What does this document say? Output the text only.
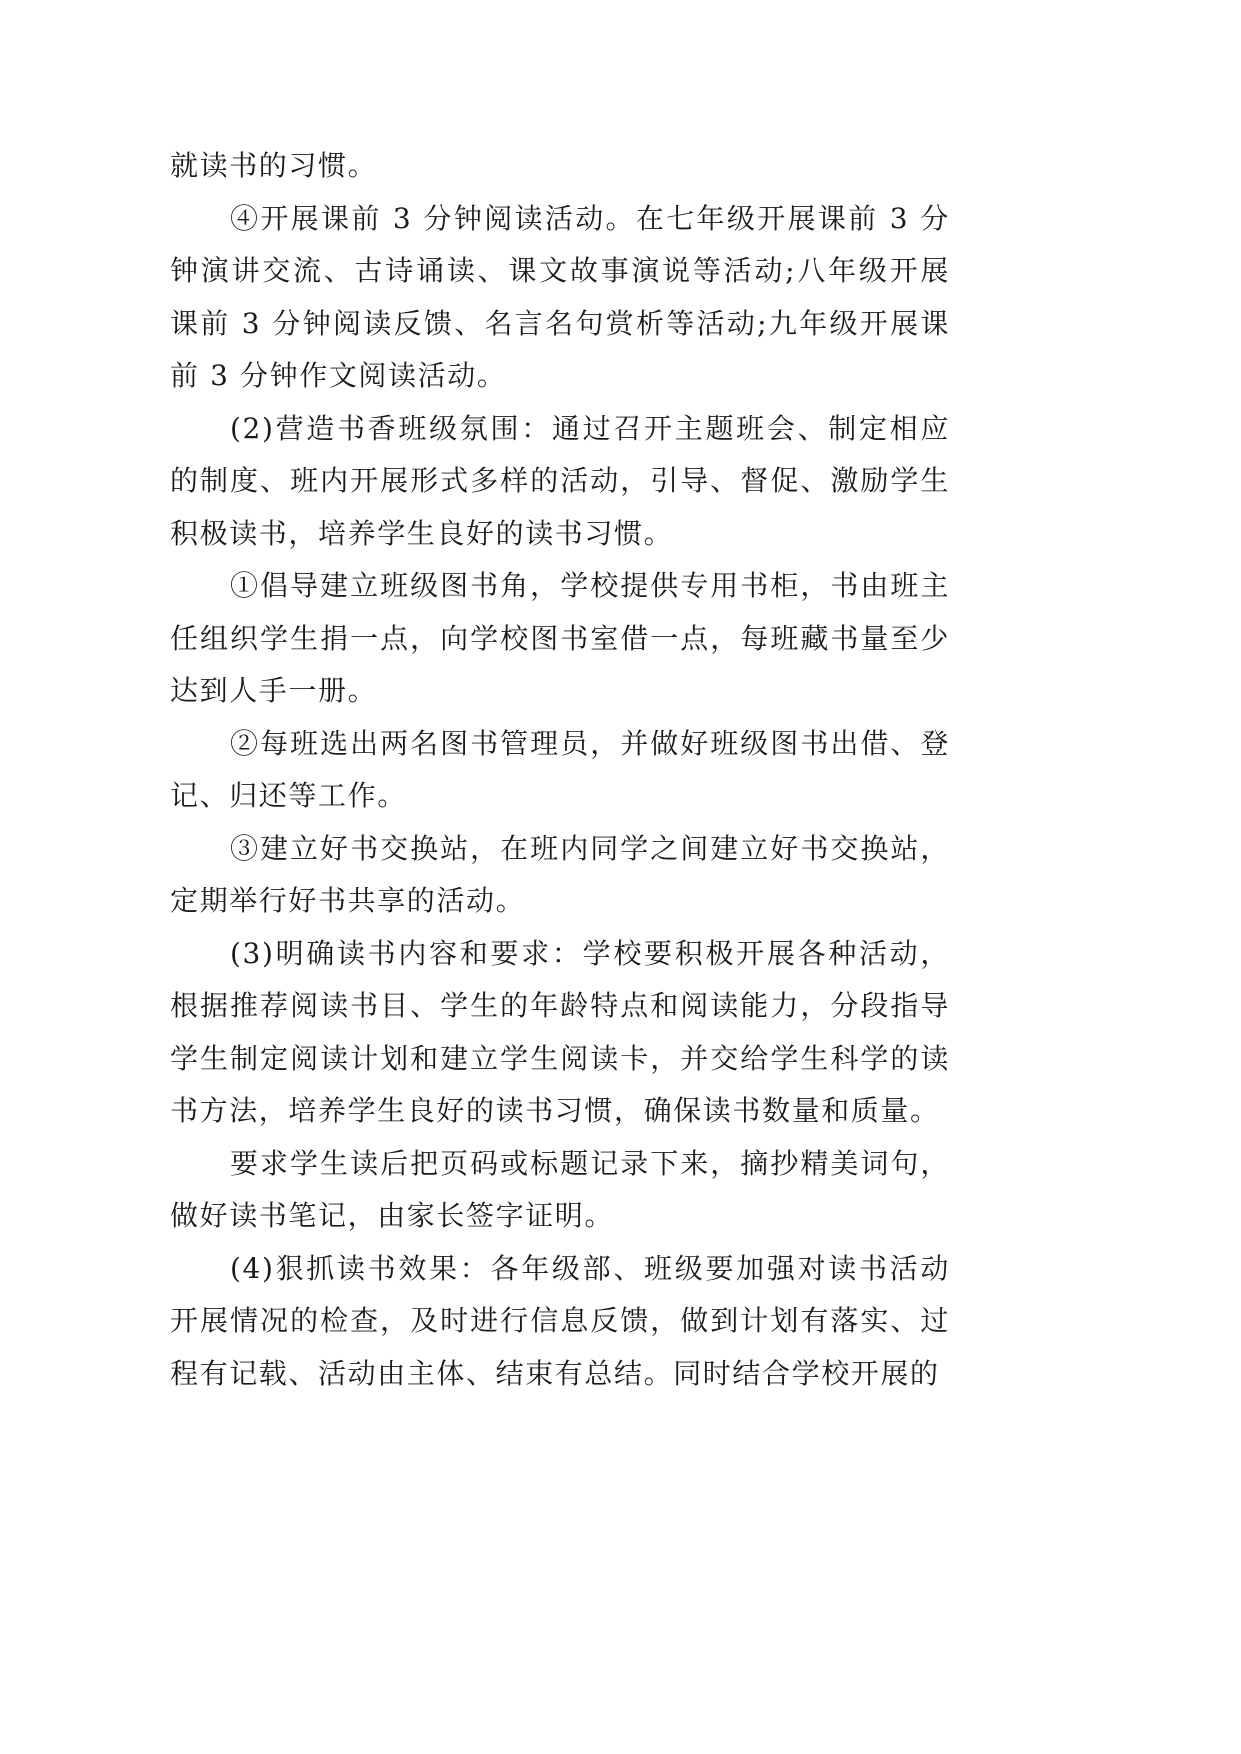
就读书的习惯。

④开展课前 3 分钟阅读活动。在七年级开展课前 3 分钟演讲交流、古诗诵读、课文故事演说等活动;八年级开展课前 3 分钟阅读反馈、名言名句赏析等活动;九年级开展课前 3 分钟作文阅读活动。

(2)营造书香班级氛围：通过召开主题班会、制定相应的制度、班内开展形式多样的活动，引导、督促、激励学生积极读书，培养学生良好的读书习惯。

①倡导建立班级图书角，学校提供专用书柜，书由班主任组织学生捐一点，向学校图书室借一点，每班藏书量至少达到人手一册。

②每班选出两名图书管理员，并做好班级图书出借、登记、归还等工作。

③建立好书交换站，在班内同学之间建立好书交换站，定期举行好书共享的活动。

(3)明确读书内容和要求：学校要积极开展各种活动，根据推荐阅读书目、学生的年龄特点和阅读能力，分段指导学生制定阅读计划和建立学生阅读卡，并交给学生科学的读书方法，培养学生良好的读书习惯，确保读书数量和质量。

要求学生读后把页码或标题记录下来，摘抄精美词句，做好读书笔记，由家长签字证明。

(4)狠抓读书效果：各年级部、班级要加强对读书活动开展情况的检查，及时进行信息反馈，做到计划有落实、过程有记载、活动由主体、结束有总结。同时结合学校开展的
